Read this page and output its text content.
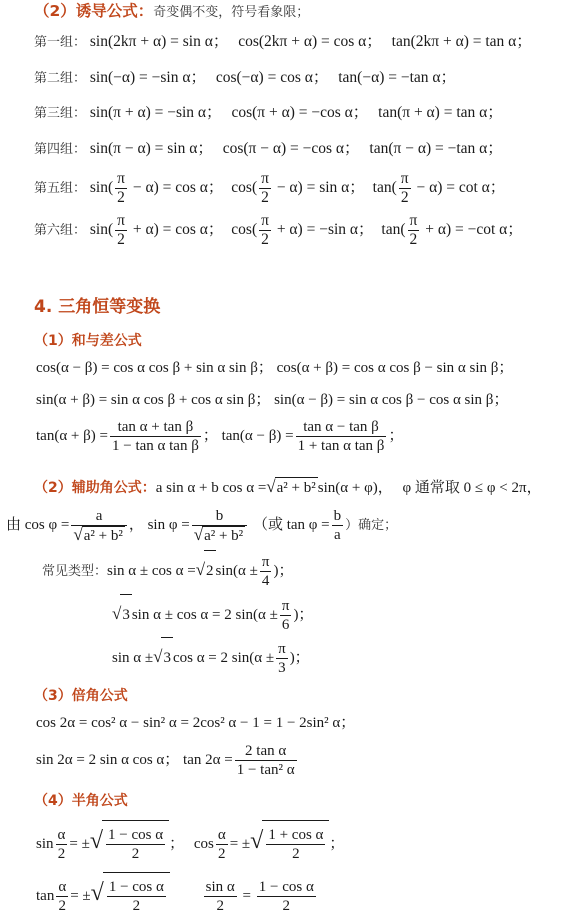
（2）诱导公式：奇变偶不变，符号看象限；
第一组： sin(2kπ + α) = sin α； cos(2kπ + α) = cos α； tan(2kπ + α) = tan α；
第二组： sin(−α) = −sin α； cos(−α) = cos α； tan(−α) = −tan α；
第三组： sin(π + α) = −sin α； cos(π + α) = −cos α； tan(π + α) = tan α；
第四组： sin(π − α) = sin α； cos(π − α) = −cos α； tan(π − α) = −tan α；
第五组： $\sin( \frac{\pi}{2} - \alpha) = \cos \alpha$； $\cos( \frac{\pi}{2} - \alpha) = \sin \alpha$； $\tan( \frac{\pi}{2} - \alpha) = \cot \alpha$；
第六组： $\sin( \frac{\pi}{2} + \alpha) = \cos \alpha$； $\cos( \frac{\pi}{2} + \alpha) = -\sin$ α； $\tan( \frac{\pi}{2} + \alpha) = -\cot$ α；
4. 三角恒等变换
（1）和与差公式
cos(α − β) = cos α cos β + sin α sin β； cos(α + β) = cos α cos β − sin α sin β；
sin(α + β) = sin α cos β + cos α sin β； sin(α − β) = sin α cos β − cos α sin β；
$\tan(\alpha + \beta) = \frac{\text{tan α + tan β}}{\text{1 − tan α tan β}}$ ； $\tan(\alpha - \beta) = \frac{\text{tan α − tan β}}{\text{1 + tan α tan β}}$ ；
（2）辅助角公式：a sin α + b cos α =√a² + b² sin(α + φ)， φ 通常取 0 ≤ φ < 2π，
由 $\cos \varphi = \frac{a}{\text{√a² + b²}}$ ， $\sin \varphi = \frac{b}{\text{√a² + b²}}$ （或 $\tan \varphi = \frac{b}{a}$ ）确定；
常见类型：sin α ± cos α =√2 $\sin(\alpha \pm \frac{\pi}{4}$ )；
√3 sin α ± cos α = 2 $\sin(\alpha \pm \frac{\pi}{6}$ )；
sin α ±√3 cos α = 2 $\sin(\alpha \pm \frac{\pi}{3}$ )；
（3）倍角公式
cos 2α = cos² α − sin² α = 2cos² α − 1 = 1 − 2sin² α；
sin 2α = 2 sin α cos α； $\tan 2\alpha = \frac{\text{2 tan α}}{\text{1 − tan² α}}$
（4）半角公式
$\sin \frac{\alpha}{2}$ = ±√ $\frac{\text{1 − cos α}}{2}$ ； $\cos \frac{\alpha}{2}$ = ±√ $\frac{\text{1 + cos α}}{2}$ ；
$\tan \frac{\alpha}{2}$ = ±√ $\frac{\text{1 − cos α}}{2}$
	$\frac{\text{sin α}}{2} = \frac{\text{1 − cos α}}{2}$
